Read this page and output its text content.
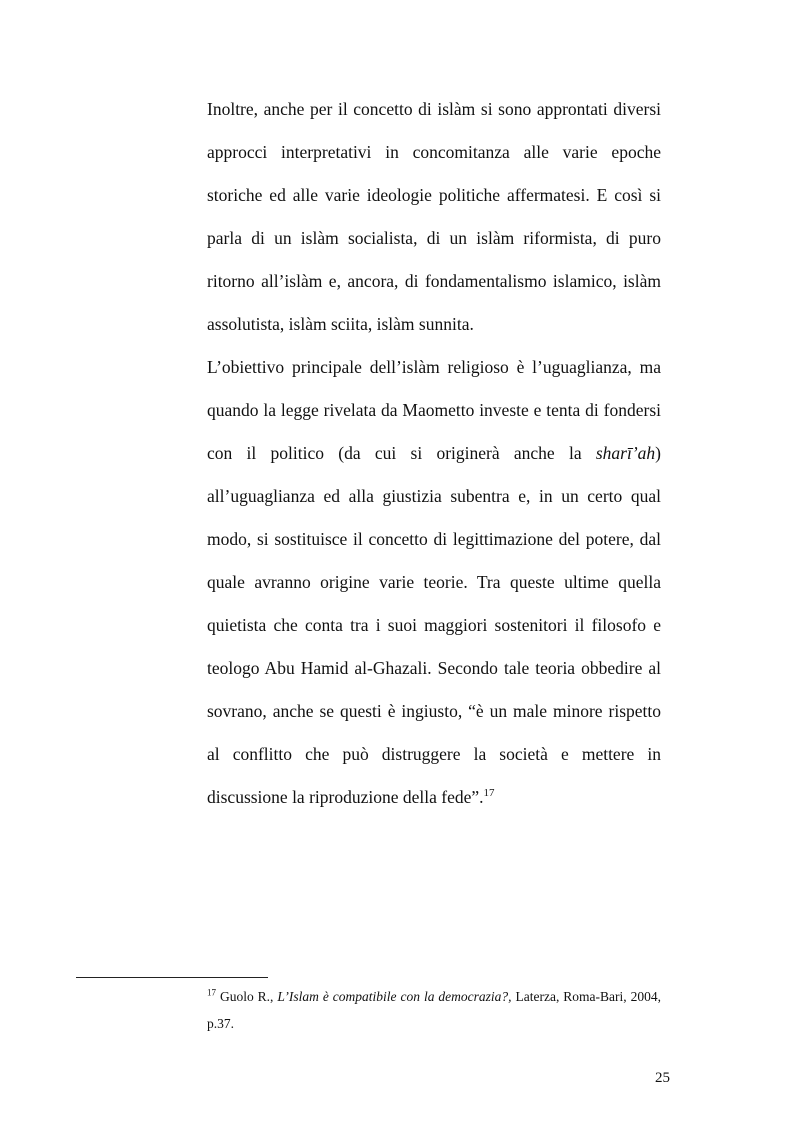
Inoltre, anche per il concetto di islàm si sono approntati diversi approcci interpretativi in concomitanza alle varie epoche storiche ed alle varie ideologie politiche affermatesi. E così si parla di un islàm socialista, di un islàm riformista, di puro ritorno all’islàm e, ancora, di fondamentalismo islamico, islàm assolutista, islàm sciita, islàm sunnita.

L’obiettivo principale dell’islàm religioso è l’uguaglianza, ma quando la legge rivelata da Maometto investe e tenta di fondersi con il politico (da cui si originerà anche la sharī’ah) all’uguaglianza ed alla giustizia subentra e, in un certo qual modo, si sostituisce il concetto di legittimazione del potere, dal quale avranno origine varie teorie. Tra queste ultime quella quietista che conta tra i suoi maggiori sostenitori il filosofo e teologo Abu Hamid al-Ghazali. Secondo tale teoria obbedire al sovrano, anche se questi è ingiusto, “è un male minore rispetto al conflitto che può distruggere la società e mettere in discussione la riproduzione della fede”.$^{17}$

$^{17}$ Guolo R., L’Islam è compatibile con la democrazia?, Laterza, Roma-Bari, 2004, p.37.
25
